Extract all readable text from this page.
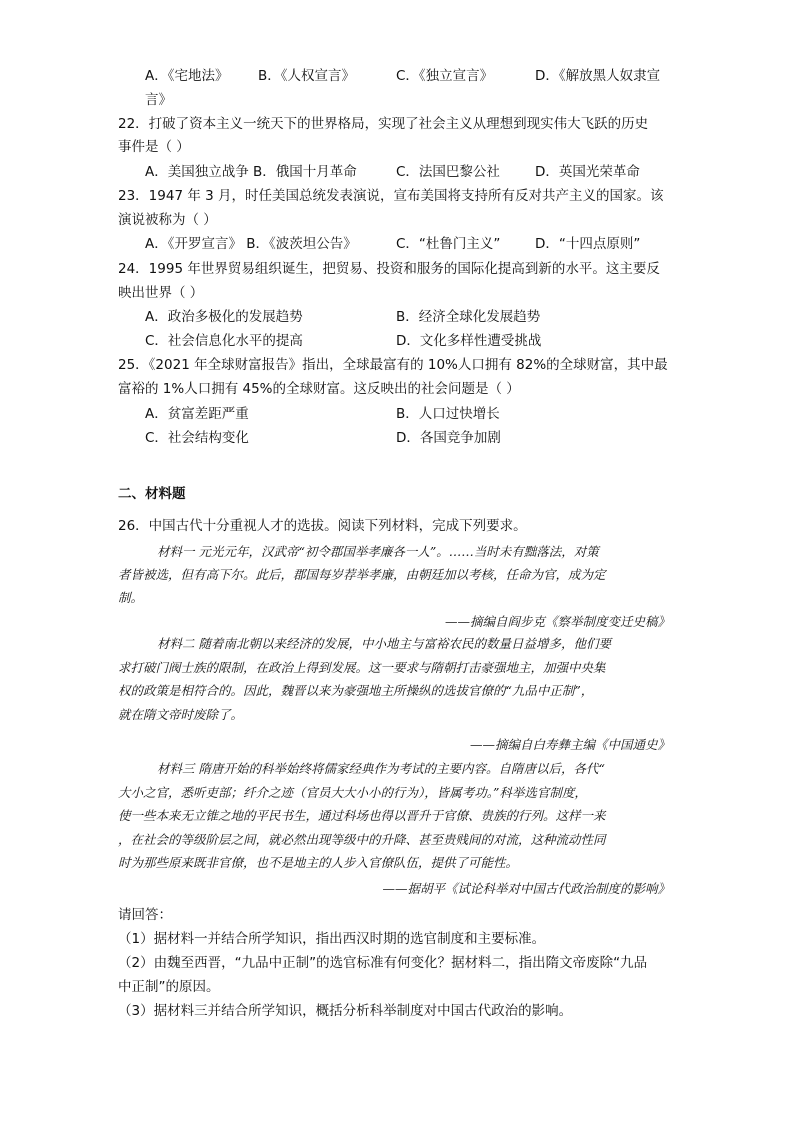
A．《宅地法》 B．《人权宣言》	C．《独立宣言》	D．《解放黑人奴隶宣
言》
22．打破了资本主义一统天下的世界格局，实现了社会主义从理想到现实伟大飞跃的历史
事件是（ ）
A．美国独立战争 B．俄国十月革命	C．法国巴黎公社	D．英国光荣革命
23．1947 年 3 月，时任美国总统发表演说，宣布美国将支持所有反对共产主义的国家。该
演说被称为（ ）
A．《开罗宣言》 B．《波茨坦公告》	C．“杜鲁门主义”	D．“十四点原则”
24．1995 年世界贸易组织诞生，把贸易、投资和服务的国际化提高到新的水平。这主要反
映出世界（ ）
A．政治多极化的发展趋势	B．经济全球化发展趋势
C．社会信息化水平的提高	D．文化多样性遭受挑战
25．《2021 年全球财富报告》指出，全球最富有的 10%人口拥有 82%的全球财富，其中最
富裕的 1%人口拥有 45%的全球财富。这反映出的社会问题是（ ）
A．贫富差距严重	B．人口过快增长
C．社会结构变化	D．各国竞争加剧
二、材料题
26．中国古代十分重视人才的选拔。阅读下列材料，完成下列要求。
材料一 元光元年，汉武帝“初令郡国举孝廉各一人”。……当时未有黜落法，对策
者皆被选，但有高下尔。此后，郡国每岁荐举孝廉，由朝廷加以考核，任命为官，成为定
制。
——摘编自阎步克《察举制度变迁史稿》
材料二 随着南北朝以来经济的发展，中小地主与富裕农民的数量日益增多，他们要
求打破门阀士族的限制，在政治上得到发展。这一要求与隋朝打击豪强地主，加强中央集
权的政策是相符合的。因此，魏晋以来为豪强地主所操纵的选拔官僚的“九品中正制”，
就在隋文帝时废除了。
——摘编自白寿彝主编《中国通史》
材料三 隋唐开始的科举始终将儒家经典作为考试的主要内容。自隋唐以后，各代“
大小之官，悉听吏部；纤介之迹（官员大大小小的行为），皆属考功。”科举选官制度，
使一些本来无立锥之地的平民书生，通过科场也得以晋升于官僚、贵族的行列。这样一来
，在社会的等级阶层之间，就必然出现等级中的升降、甚至贵贱间的对流，这种流动性同
时为那些原来既非官僚，也不是地主的人步入官僚队伍，提供了可能性。
——据胡平《试论科举对中国古代政治制度的影响》
请回答：
（1）据材料一并结合所学知识，指出西汉时期的选官制度和主要标准。
（2）由魏至西晋，“九品中正制”的选官标准有何变化？据材料二，指出隋文帝废除“九品
中正制”的原因。
（3）据材料三并结合所学知识，概括分析科举制度对中国古代政治的影响。
